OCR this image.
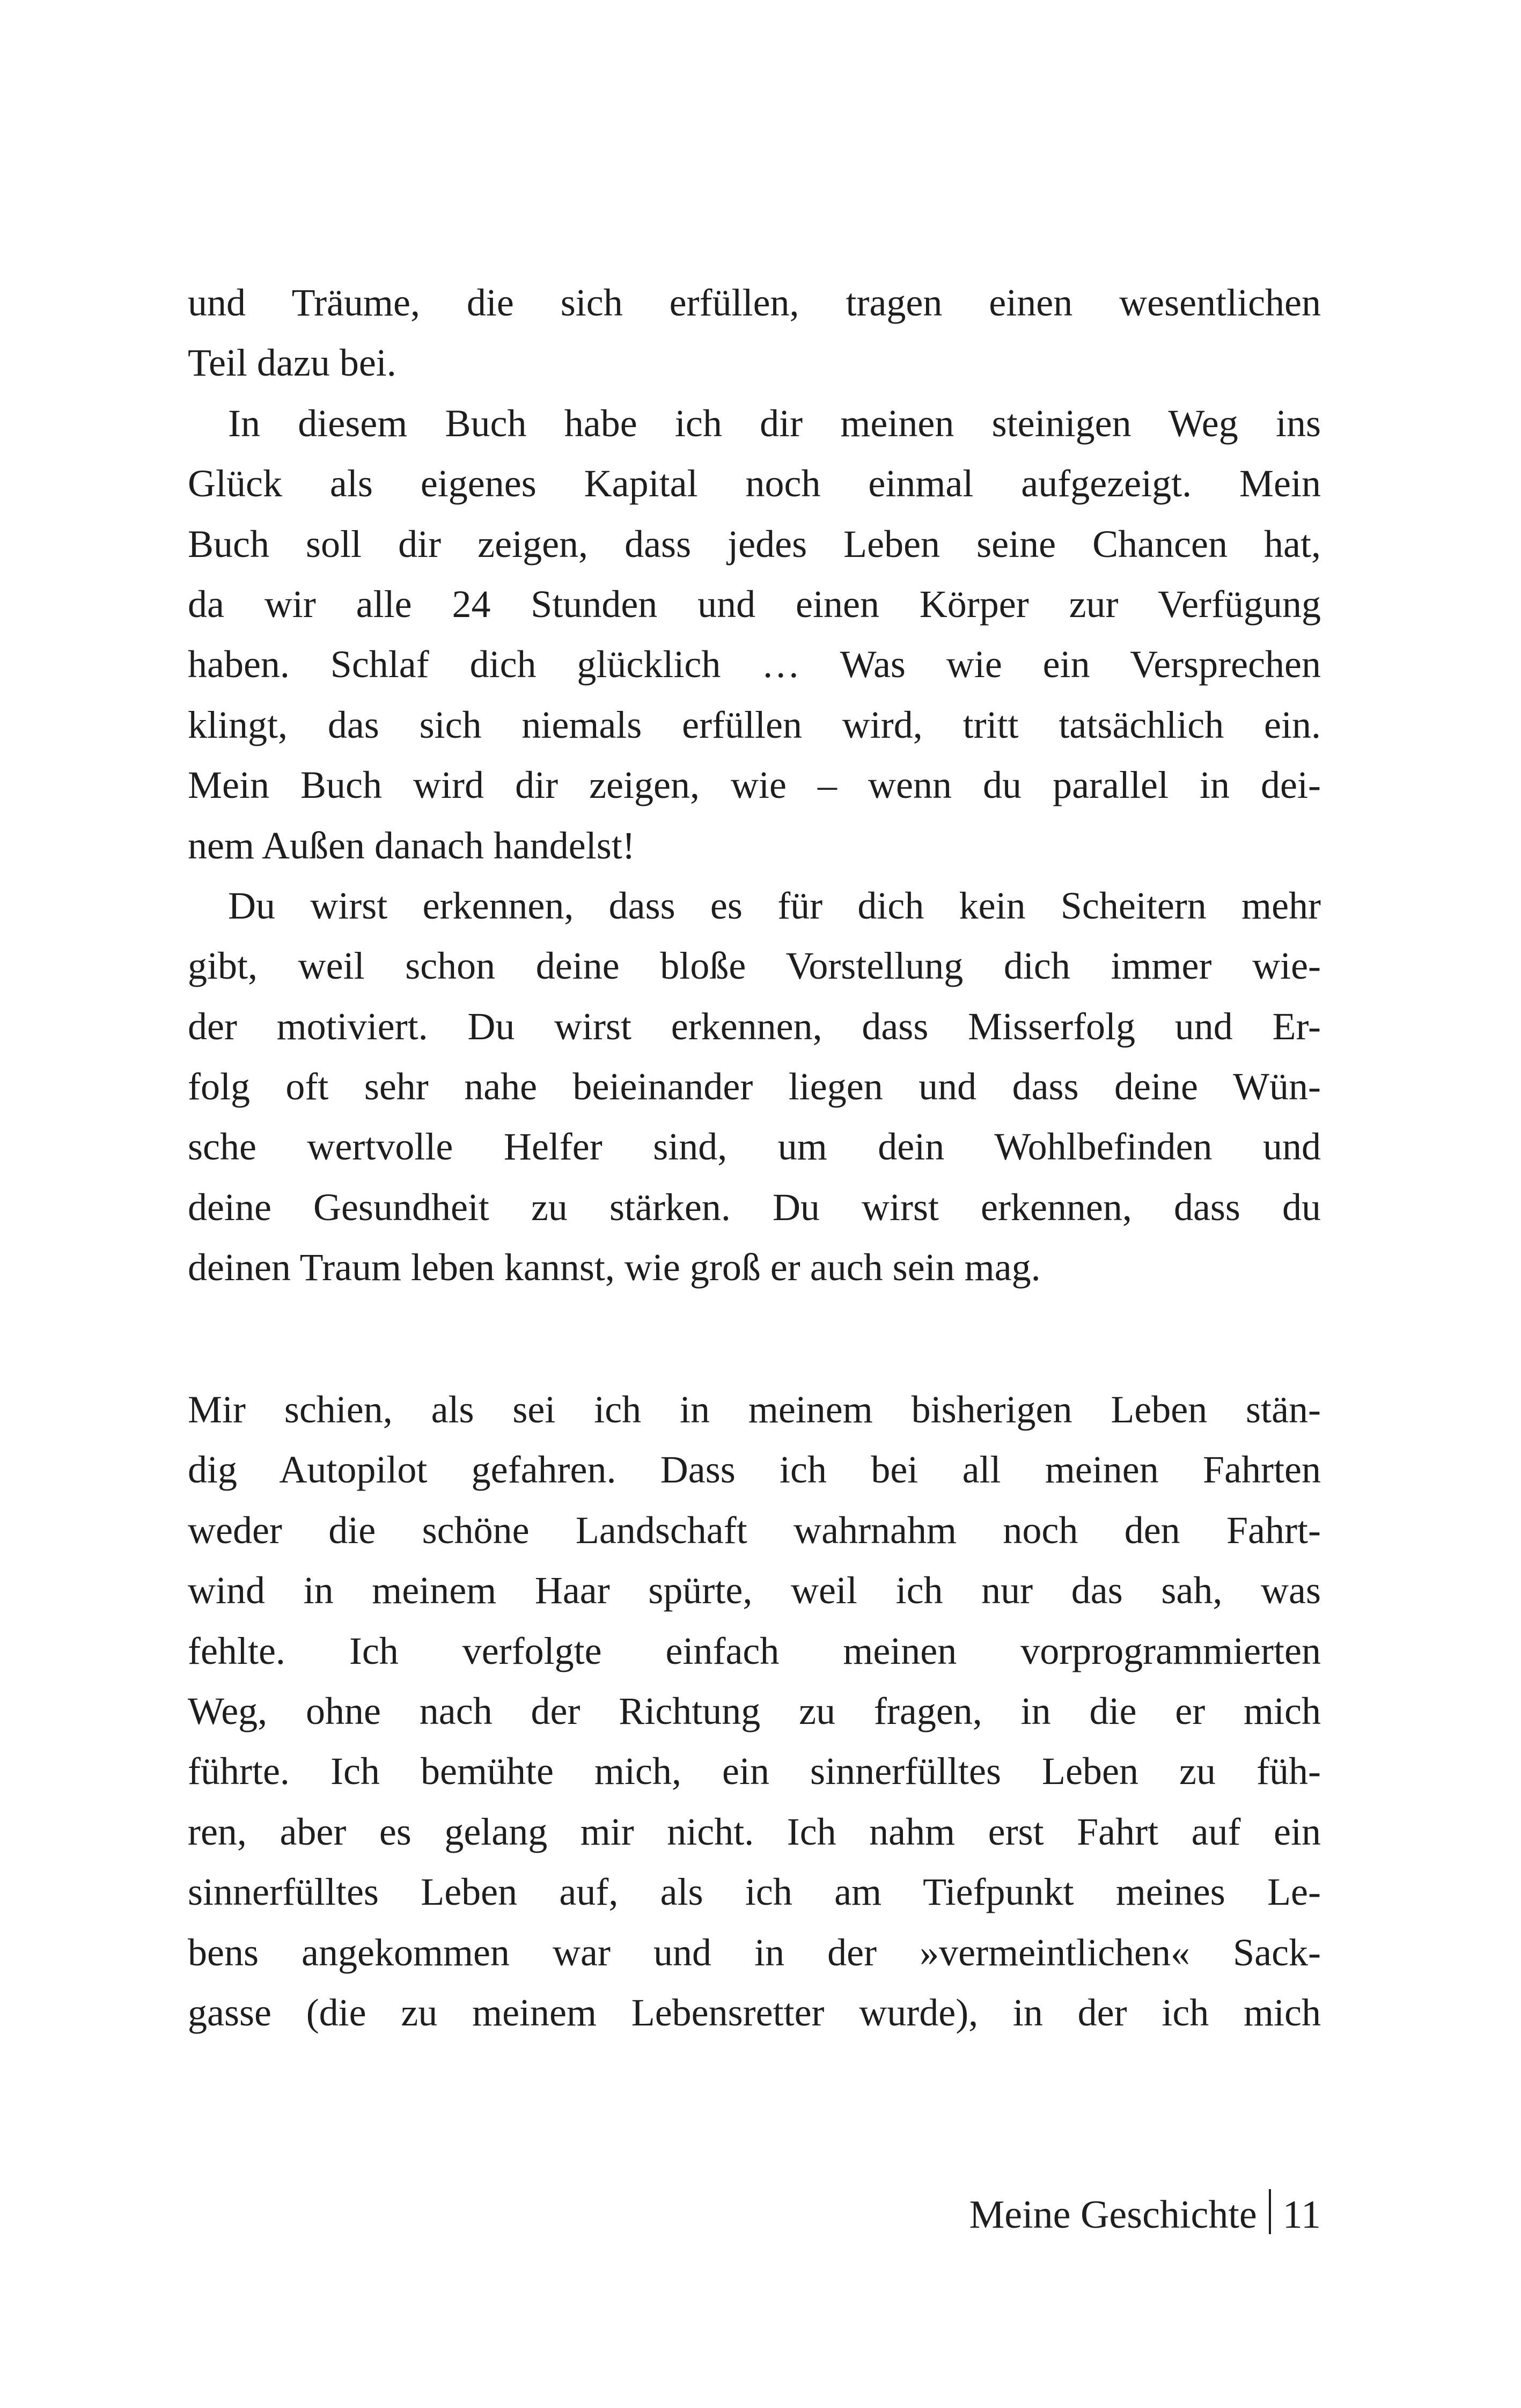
und Träume, die sich erfüllen, tragen einen wesentlichen
Teil dazu bei.
In diesem Buch habe ich dir meinen steinigen Weg ins
Glück als eigenes Kapital noch einmal aufgezeigt. Mein
Buch soll dir zeigen, dass jedes Leben seine Chancen hat,
da wir alle 24 Stunden und einen Körper zur Verfügung
haben. Schlaf dich glücklich … Was wie ein Versprechen
klingt, das sich niemals erfüllen wird, tritt tatsächlich ein.
Mein Buch wird dir zeigen, wie – wenn du parallel in dei-
nem Außen danach handelst!
Du wirst erkennen, dass es für dich kein Scheitern mehr
gibt, weil schon deine bloße Vorstellung dich immer wie-
der motiviert. Du wirst erkennen, dass Misserfolg und Er-
folg oft sehr nahe beieinander liegen und dass deine Wün-
sche wertvolle Helfer sind, um dein Wohlbefinden und
deine Gesundheit zu stärken. Du wirst erkennen, dass du
deinen Traum leben kannst, wie groß er auch sein mag.
Mir schien, als sei ich in meinem bisherigen Leben stän-
dig Autopilot gefahren. Dass ich bei all meinen Fahrten
weder die schöne Landschaft wahrnahm noch den Fahrt-
wind in meinem Haar spürte, weil ich nur das sah, was
fehlte. Ich verfolgte einfach meinen vorprogrammierten
Weg, ohne nach der Richtung zu fragen, in die er mich
führte. Ich bemühte mich, ein sinnerfülltes Leben zu füh-
ren, aber es gelang mir nicht. Ich nahm erst Fahrt auf ein
sinnerfülltes Leben auf, als ich am Tiefpunkt meines Le-
bens angekommen war und in der »vermeintlichen« Sack-
gasse (die zu meinem Lebensretter wurde), in der ich mich
Meine Geschichte 11
